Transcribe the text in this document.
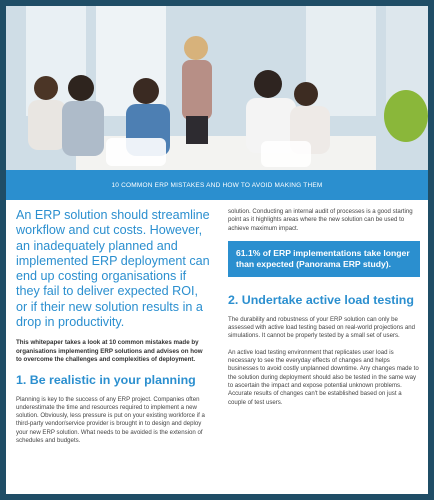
10 COMMON ERP MISTAKES AND HOW TO AVOID MAKING THEM

An ERP solution should streamline workflow and cut costs. However, an inadequately planned and implemented ERP deployment can end up costing organisations if they fail to deliver expected ROI, or if their new solution results in a drop in productivity.

This whitepaper takes a look at 10 common mistakes made by organisations implementing ERP solutions and advises on how to overcome the challenges and complexities of deployment.

1. Be realistic in your planning

Planning is key to the success of any ERP project. Companies often underestimate the time and resources required to implement a new solution. Obviously, less pressure is put on your existing workforce if a third-party vendor/service provider is brought in to design and deploy your new ERP solution. What needs to be avoided is the extension of schedules and budgets.

solution. Conducting an internal audit of processes is a good starting point as it highlights areas where the new solution can be used to achieve maximum impact.

61.1% of ERP implementations take longer than expected (Panorama ERP study).
2. Undertake active load testing

The durability and robustness of your ERP solution can only be assessed with active load testing based on real-world projections and simulations. It cannot be properly tested by a small set of users.

An active load testing environment that replicates user load is necessary to see the everyday effects of changes and helps businesses to avoid costly unplanned downtime. Any changes made to the solution during deployment should also be tested in the same way to ascertain the impact and expose potential unknown problems. Accurate results of changes can't be established based on just a couple of test users.
